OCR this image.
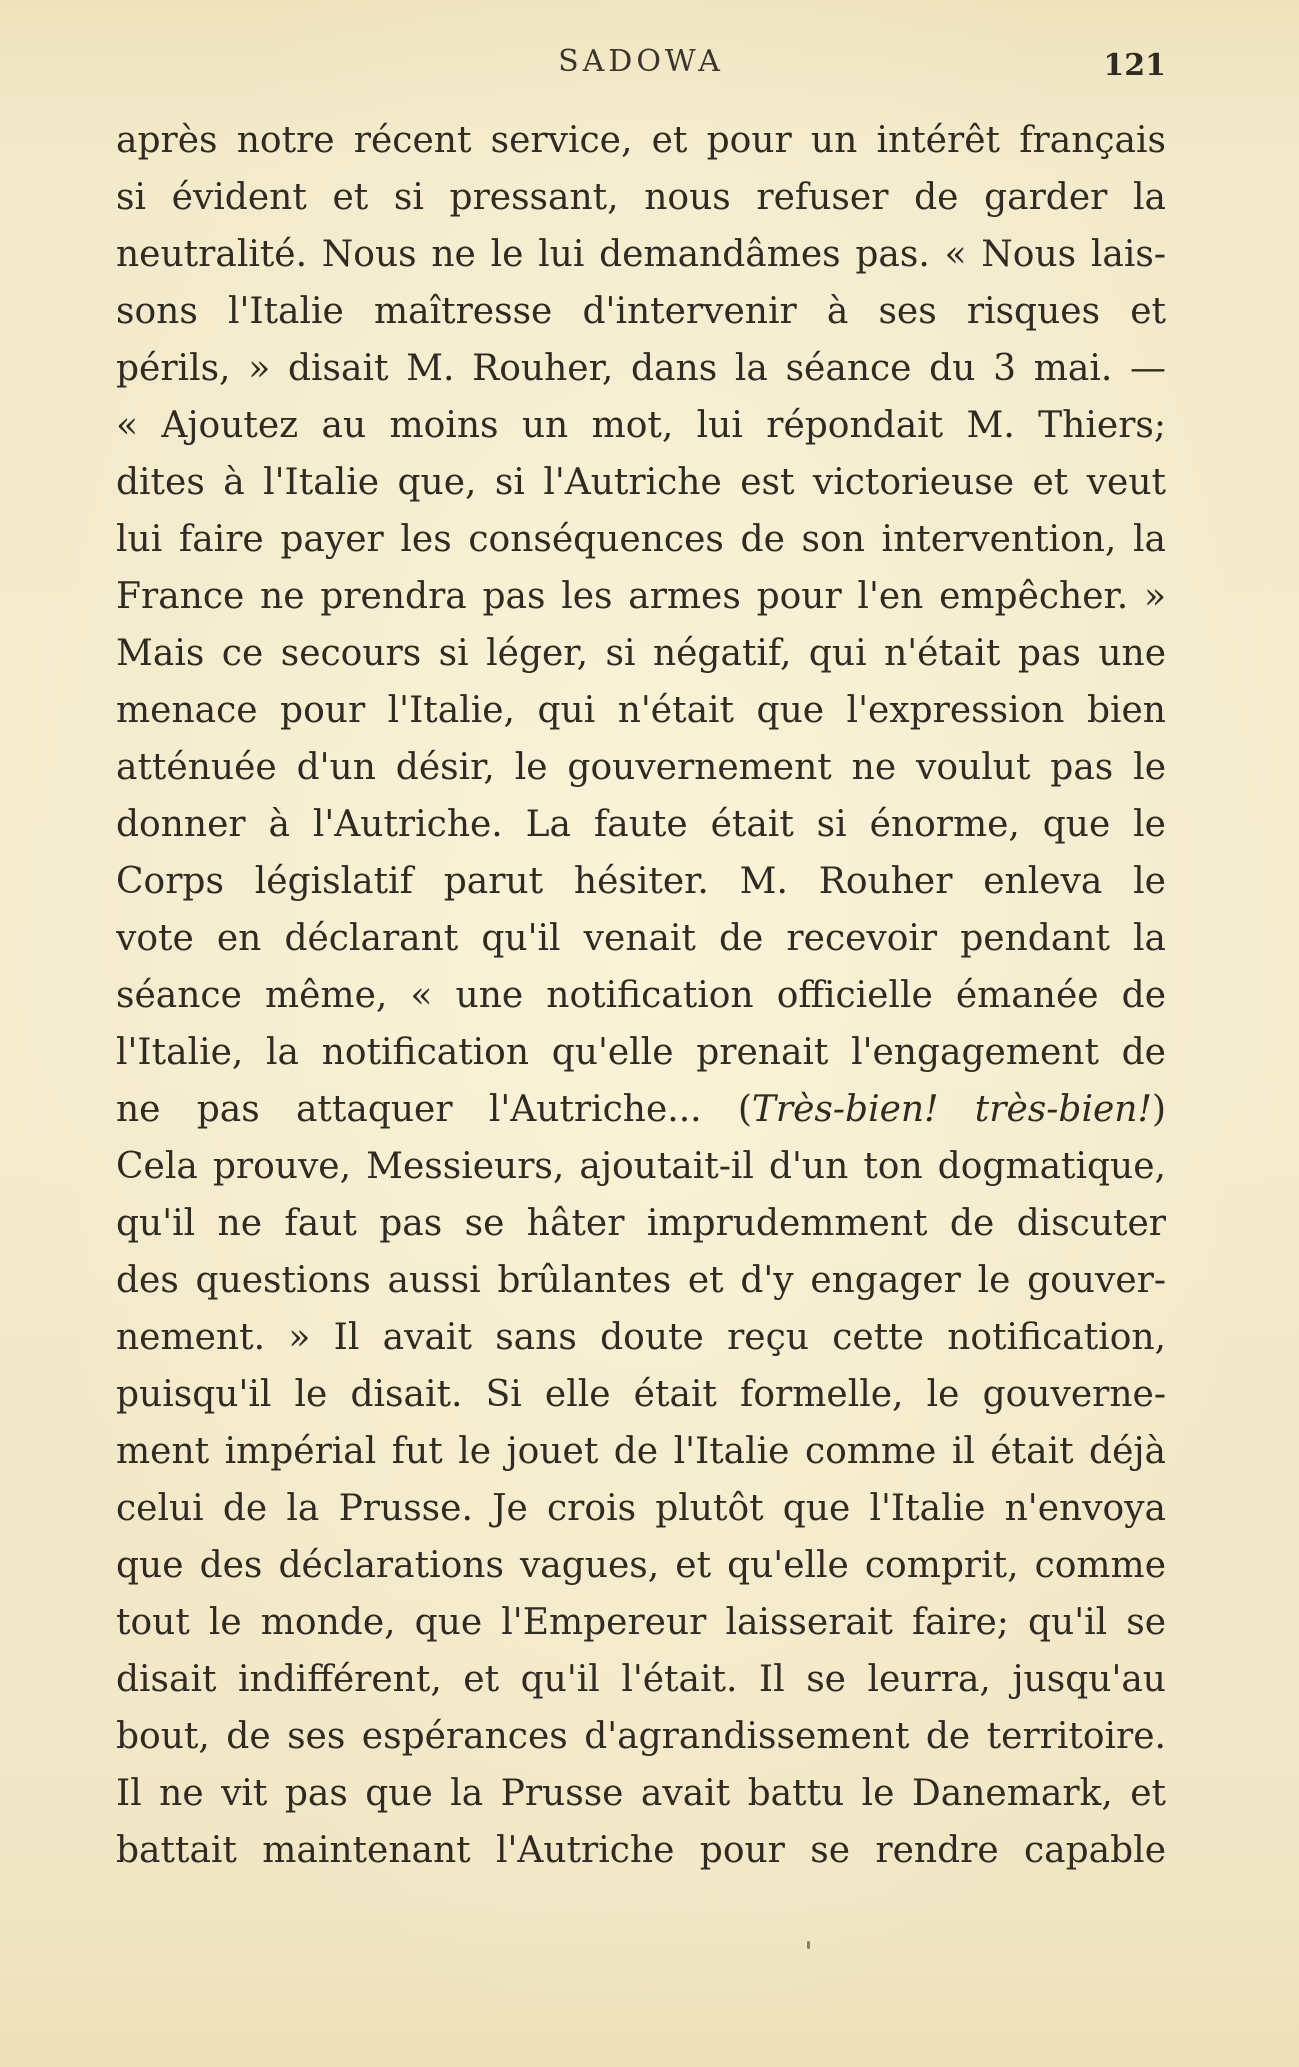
SADOWA	121
après notre récent service, et pour un intérêt français
si évident et si pressant, nous refuser de garder la
neutralité. Nous ne le lui demandâmes pas. « Nous lais-
sons l'Italie maîtresse d'intervenir à ses risques et
périls, » disait M. Rouher, dans la séance du 3 mai. —
« Ajoutez au moins un mot, lui répondait M. Thiers;
dites à l'Italie que, si l'Autriche est victorieuse et veut
lui faire payer les conséquences de son intervention, la
France ne prendra pas les armes pour l'en empêcher. »
Mais ce secours si léger, si négatif, qui n'était pas une
menace pour l'Italie, qui n'était que l'expression bien
atténuée d'un désir, le gouvernement ne voulut pas le
donner à l'Autriche. La faute était si énorme, que le
Corps législatif parut hésiter. M. Rouher enleva le
vote en déclarant qu'il venait de recevoir pendant la
séance même, « une notification officielle émanée de
l'Italie, la notification qu'elle prenait l'engagement de
ne pas attaquer l'Autriche... (Très-bien! très-bien!)
Cela prouve, Messieurs, ajoutait-il d'un ton dogmatique,
qu'il ne faut pas se hâter imprudemment de discuter
des questions aussi brûlantes et d'y engager le gouver-
nement. » Il avait sans doute reçu cette notification,
puisqu'il le disait. Si elle était formelle, le gouverne-
ment impérial fut le jouet de l'Italie comme il était déjà
celui de la Prusse. Je crois plutôt que l'Italie n'envoya
que des déclarations vagues, et qu'elle comprit, comme
tout le monde, que l'Empereur laisserait faire; qu'il se
disait indifférent, et qu'il l'était. Il se leurra, jusqu'au
bout, de ses espérances d'agrandissement de territoire.
Il ne vit pas que la Prusse avait battu le Danemark, et
battait maintenant l'Autriche pour se rendre capable
